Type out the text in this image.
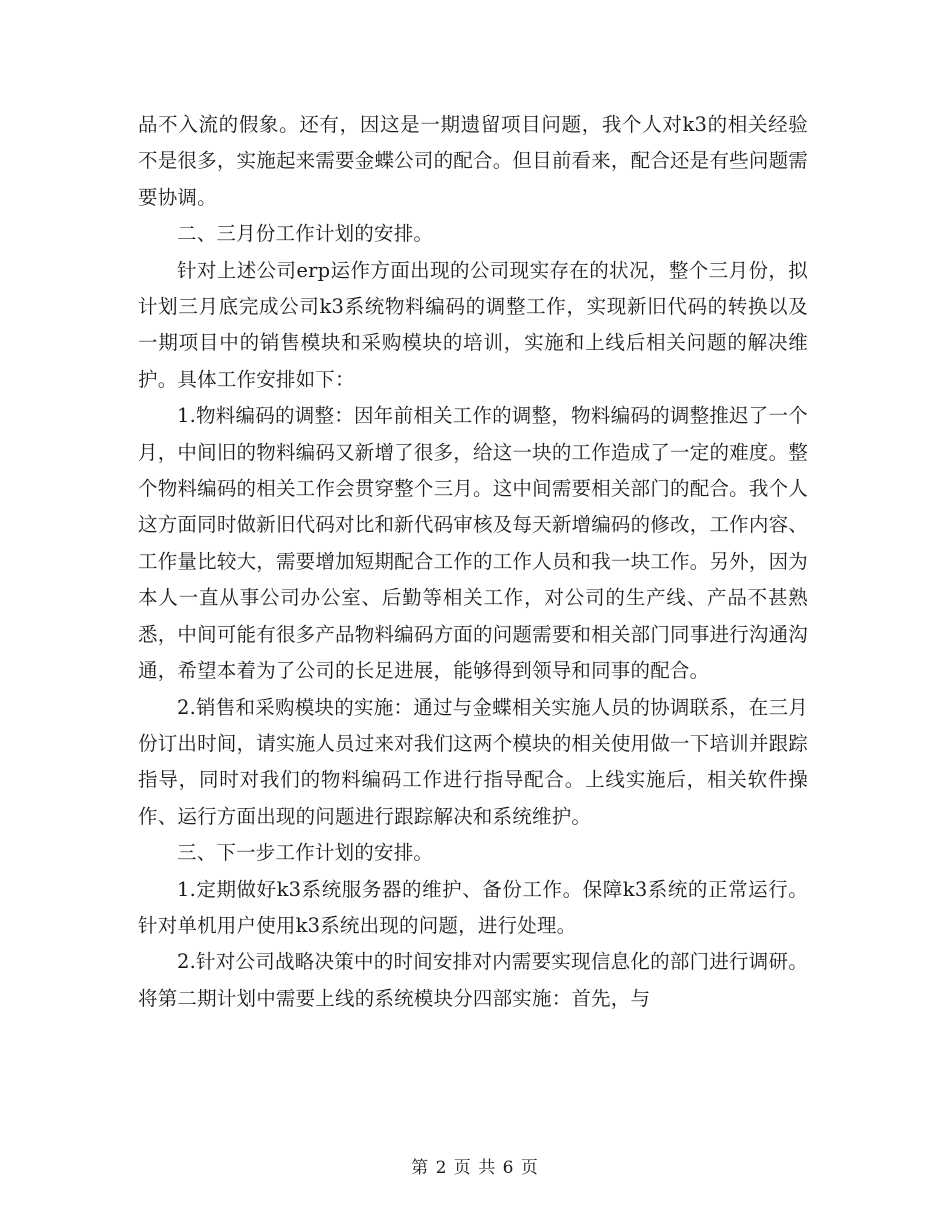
品不入流的假象。还有，因这是一期遗留项目问题，我个人对k3的相关经验不是很多，实施起来需要金蝶公司的配合。但目前看来，配合还是有些问题需要协调。

二、三月份工作计划的安排。

针对上述公司erp运作方面出现的公司现实存在的状况，整个三月份，拟计划三月底完成公司k3系统物料编码的调整工作，实现新旧代码的转换以及一期项目中的销售模块和采购模块的培训，实施和上线后相关问题的解决维护。具体工作安排如下：

1.物料编码的调整：因年前相关工作的调整，物料编码的调整推迟了一个月，中间旧的物料编码又新增了很多，给这一块的工作造成了一定的难度。整个物料编码的相关工作会贯穿整个三月。这中间需要相关部门的配合。我个人这方面同时做新旧代码对比和新代码审核及每天新增编码的修改，工作内容、工作量比较大，需要增加短期配合工作的工作人员和我一块工作。另外，因为本人一直从事公司办公室、后勤等相关工作，对公司的生产线、产品不甚熟悉，中间可能有很多产品物料编码方面的问题需要和相关部门同事进行沟通沟通，希望本着为了公司的长足进展，能够得到领导和同事的配合。

2.销售和采购模块的实施：通过与金蝶相关实施人员的协调联系，在三月份订出时间，请实施人员过来对我们这两个模块的相关使用做一下培训并跟踪指导，同时对我们的物料编码工作进行指导配合。上线实施后，相关软件操作、运行方面出现的问题进行跟踪解决和系统维护。

三、下一步工作计划的安排。

1.定期做好k3系统服务器的维护、备份工作。保障k3系统的正常运行。针对单机用户使用k3系统出现的问题，进行处理。

2.针对公司战略决策中的时间安排对内需要实现信息化的部门进行调研。将第二期计划中需要上线的系统模块分四部实施：首先，与

第 2 页 共 6 页
